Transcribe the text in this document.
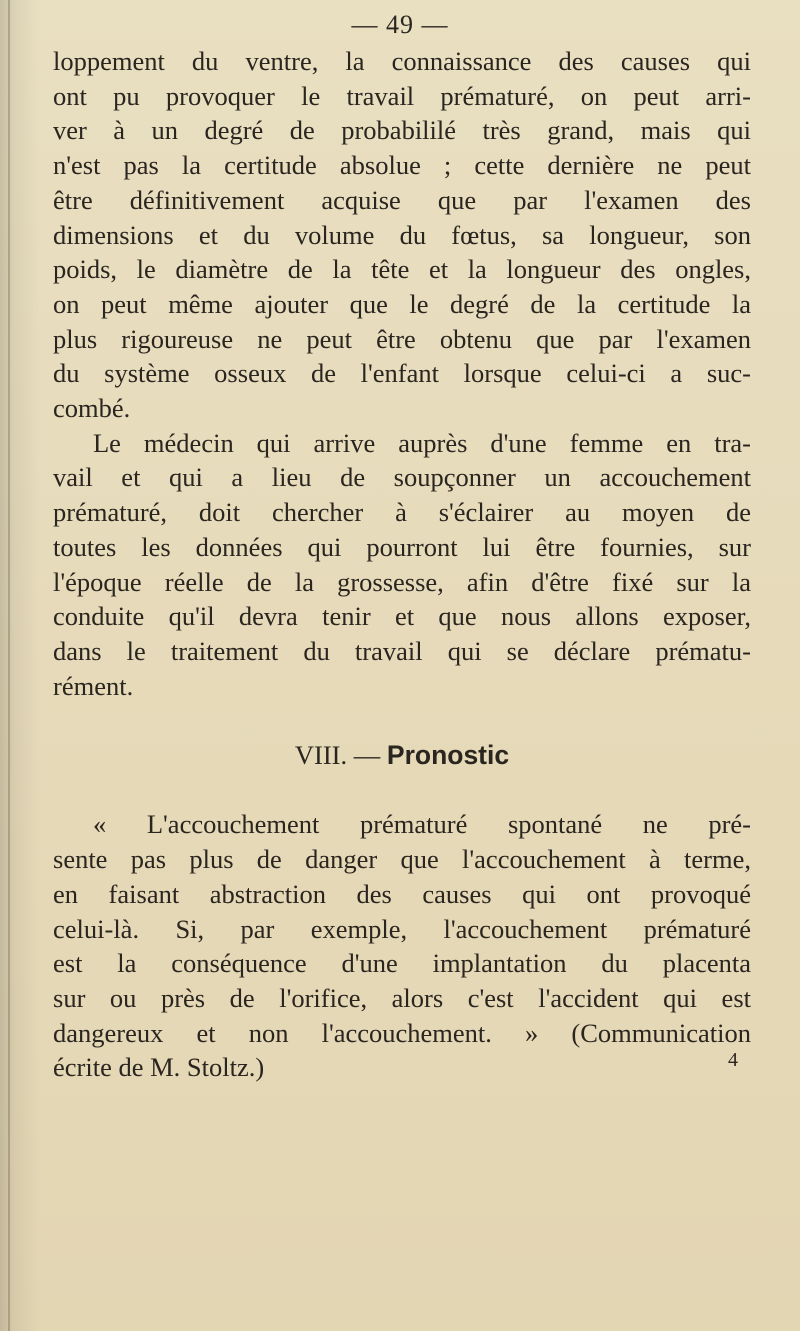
— 49 —
loppement du ventre, la connaissance des causes qui
ont pu provoquer le travail prématuré, on peut arri-
ver à un degré de probabililé très grand, mais qui
n'est pas la certitude absolue ; cette dernière ne peut
être définitivement acquise que par l'examen des
dimensions et du volume du fœtus, sa longueur, son
poids, le diamètre de la tête et la longueur des ongles,
on peut même ajouter que le degré de la certitude la
plus rigoureuse ne peut être obtenu que par l'examen
du système osseux de l'enfant lorsque celui-ci a suc-
combé.
Le médecin qui arrive auprès d'une femme en tra-
vail et qui a lieu de soupçonner un accouchement
prématuré, doit chercher à s'éclairer au moyen de
toutes les données qui pourront lui être fournies, sur
l'époque réelle de la grossesse, afin d'être fixé sur la
conduite qu'il devra tenir et que nous allons exposer,
dans le traitement du travail qui se déclare prématu-
rément.
VIII. — Pronostic
« L'accouchement prématuré spontané ne pré-
sente pas plus de danger que l'accouchement à terme,
en faisant abstraction des causes qui ont provoqué
celui-là. Si, par exemple, l'accouchement prématuré
est la conséquence d'une implantation du placenta
sur ou près de l'orifice, alors c'est l'accident qui est
dangereux et non l'accouchement. » (Communication
écrite de M. Stoltz.)	4
